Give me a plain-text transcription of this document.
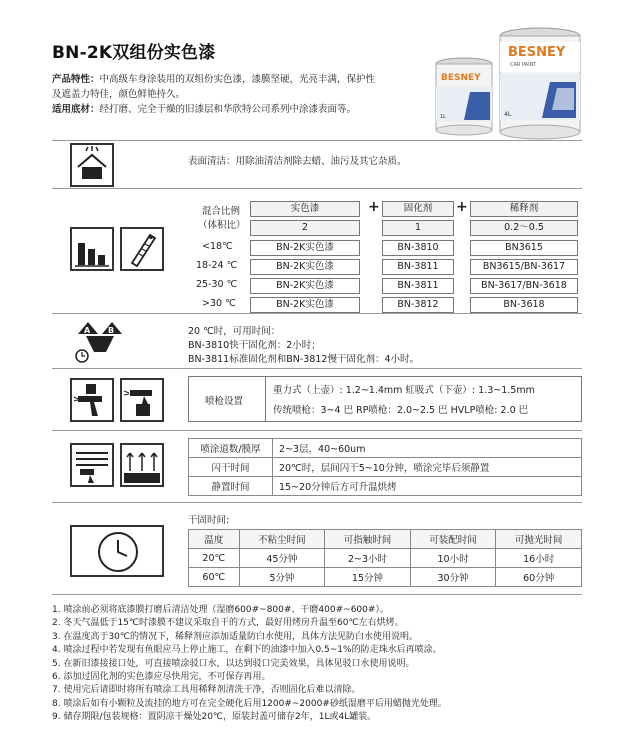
BN-2K双组份实色漆
产品特性：中高级车身涂装用的双组份实色漆，漆膜坚硬，光亮丰满，保护性
及遮盖力特佳，颜色鲜艳持久。
适用底材：经打磨、完全干燥的旧漆层和华欣特公司系列中涂漆表面等。
BESNEY
CAR PAINT
4L
BESNEY
1L
表面清洁：用除油清洁剂除去蜡、油污及其它杂质。
混合比例
（体积比）
实色漆	+	固化剂	+	稀释剂
2	1	0.2～0.5
<18℃	BN-2K实色漆	BN-3810	BN3615
18-24 ℃	BN-2K实色漆	BN-3811	BN3615/BN-3617
25-30 ℃	BN-2K实色漆	BN-3811	BN-3617/BN-3618
>30 ℃	BN-2K实色漆	BN-3812	BN-3618
A B	20 ℃时，可用时间：
BN-3810快干固化剂：2小时；
BN-3811标准固化剂和BN-3812慢干固化剂：4小时。
喷枪设置
重力式（上壶）: 1.2~1.4mm 虹吸式（下壶）: 1.3~1.5mm
传统喷枪：3~4 巴 RP喷枪：2.0~2.5 巴 HVLP喷枪: 2.0 巴
喷涂道数/膜厚	2~3层，40~60um
闪干时间	20℃时，层间闪干5~10分钟，喷涂完毕后须静置
静置时间	15~20分钟后方可升温烘烤
干固时间:
温度	不粘尘时间	可指触时间	可装配时间	可抛光时间
20℃	45分钟	2~3小时	10小时	16小时
60℃	5分钟	15分钟	30分钟	60分钟
1. 喷涂前必须将底漆膜打磨后清洁处理（湿磨600#~800#、干磨400#~600#）。
2. 冬天气温低于15℃时漆膜不建议采取自干的方式，最好用烤房升温至60℃左右烘烤。
3. 在温度高于30℃的情况下，稀释剂应添加适量防白水使用，具体方法见防白水使用说明。
4. 喷涂过程中若发现有鱼眼应马上停止施工，在剩下的油漆中加入0.5~1%的防走珠水后再喷涂。
5. 在新旧漆接接口处，可直接喷涂驳口水，以达到驳口完美效果，具体见驳口水使用说明。
6. 添加过固化剂的实色漆应尽快用完，不可保存再用。
7. 使用完后请即时将所有喷涂工具用稀释剂清洗干净，否则固化后难以清除。
8. 喷涂后如有小颗粒及流挂的地方可在完全硬化后用1200#~2000#砂纸湿磨平后用蜡抛光处理。
9. 储存期限/包装规格：置阴凉干燥处20℃，原装封盖可储存2年，1L或4L罐装。
